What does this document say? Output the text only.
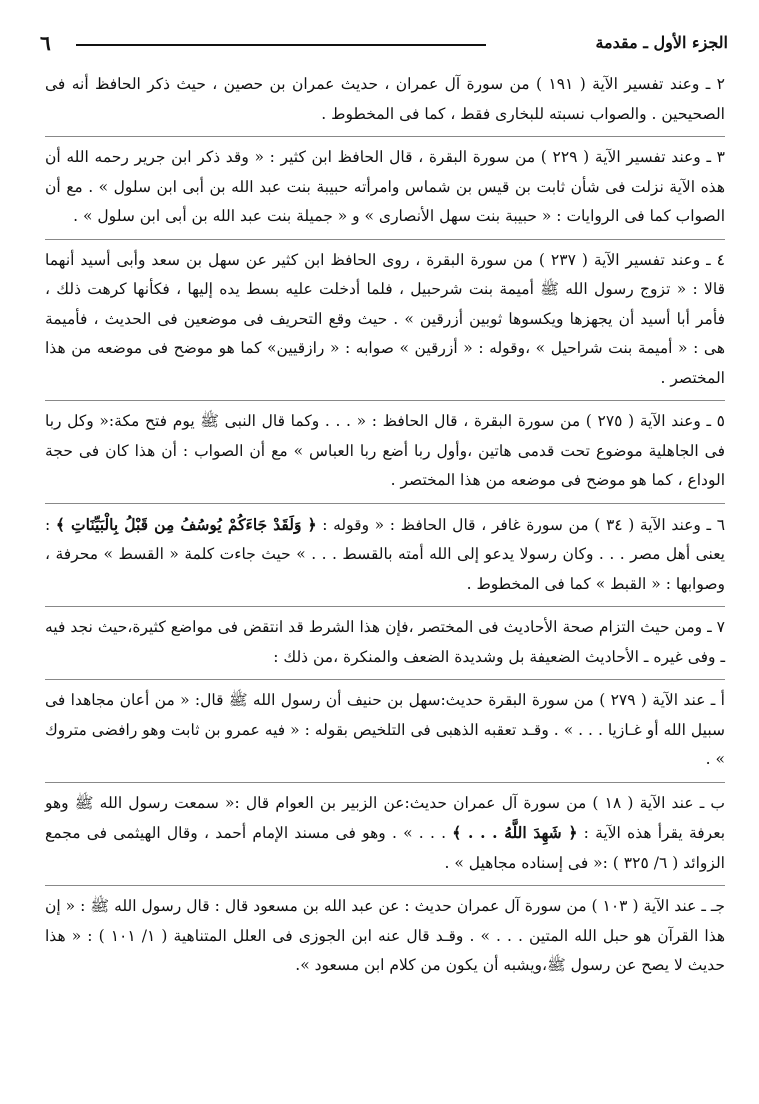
٦	الجزء الأول ـ مقدمة

٢ ـ وعند تفسير الآية ( ١٩١ ) من سورة آل عمران ، حديث عمران بن حصين ، حيث ذكر الحافظ أنه فى الصحيحين . والصواب نسبته للبخارى فقط ، كما فى المخطوط .

٣ ـ وعند تفسير الآية ( ٢٢٩ ) من سورة البقرة ، قال الحافظ ابن كثير : « وقد ذكر ابن جرير رحمه الله أن هذه الآية نزلت فى شأن ثابت بن قيس بن شماس وامرأته حبيبة بنت عبد الله بن أبى ابن سلول » . مع أن الصواب كما فى الروايات : « حبيبة بنت سهل الأنصارى » و « جميلة بنت عبد الله بن أبى ابن سلول » .

٤ ـ وعند تفسير الآية ( ٢٣٧ ) من سورة البقرة ، روى الحافظ ابن كثير عن سهل بن سعد وأبى أسيد أنهما قالا : « تزوج رسول الله ﷺ أميمة بنت شرحبيل ، فلما أدخلت عليه بسط يده إليها ، فكأنها كرهت ذلك ، فأمر أبا أسيد أن يجهزها ويكسوها ثوبين أزرقين » . حيث وقع التحريف فى موضعين فى الحديث ، فأميمة هى : « أميمة بنت شراحيل » ،وقوله : « أزرقين » صوابه : « رازقيين» كما هو موضح فى موضعه من هذا المختصر .

٥ ـ وعند الآية ( ٢٧٥ ) من سورة البقرة ، قال الحافظ : « . . . وكما قال النبى ﷺ يوم فتح مكة:« وكل ربا فى الجاهلية موضوع تحت قدمى هاتين ،وأول ربا أضع ربا العباس » مع أن الصواب : أن هذا كان فى حجة الوداع ، كما هو موضح فى موضعه من هذا المختصر .

٦ ـ وعند الآية ( ٣٤ ) من سورة غافر ، قال الحافظ : « وقوله : ﴿ وَلَقَدْ جَاءَكُمْ يُوسُفُ مِن قَبْلُ بِالْبَيِّنَاتِ ﴾ : يعنى أهل مصر . . . وكان رسولا يدعو إلى الله أمته بالقسط . . . » حيث جاءت كلمة « القسط » محرفة ، وصوابها : « القبط » كما فى المخطوط .

٧ ـ ومن حيث التزام صحة الأحاديث فى المختصر ،فإن هذا الشرط قد انتقض فى مواضع كثيرة،حيث نجد فيه ـ وفى غيره ـ الأحاديث الضعيفة بل وشديدة الضعف والمنكرة ،من ذلك :

أ ـ عند الآية ( ٢٧٩ ) من سورة البقرة حديث:سهل بن حنيف أن رسول الله ﷺ قال: « من أعان مجاهدا فى سبيل الله أو غـازيا . . . » . وقـد تعقبه الذهبى فى التلخيص بقوله : « فيه عمرو بن ثابت وهو رافضى متروك » .

ب ـ عند الآية ( ١٨ ) من سورة آل عمران حديث:عن الزبير بن العوام قال :« سمعت رسول الله ﷺ وهو بعرفة يقرأ هذه الآية : ﴿ شَهِدَ اللَّهُ . . . ﴾ . . . » . وهو فى مسند الإمام أحمد ، وقال الهيثمى فى مجمع الزوائد ( ٦/ ٣٢٥ ) :« فى إسناده مجاهيل » .

جـ ـ عند الآية ( ١٠٣ ) من سورة آل عمران حديث : عن عبد الله بن مسعود قال : قال رسول الله ﷺ : « إن هذا القرآن هو حبل الله المتين . . . » . وقـد قال عنه ابن الجوزى فى العلل المتناهية ( ١/ ١٠١ ) : « هذا حديث لا يصح عن رسول ﷺ،ويشبه أن يكون من كلام ابن مسعود ».
